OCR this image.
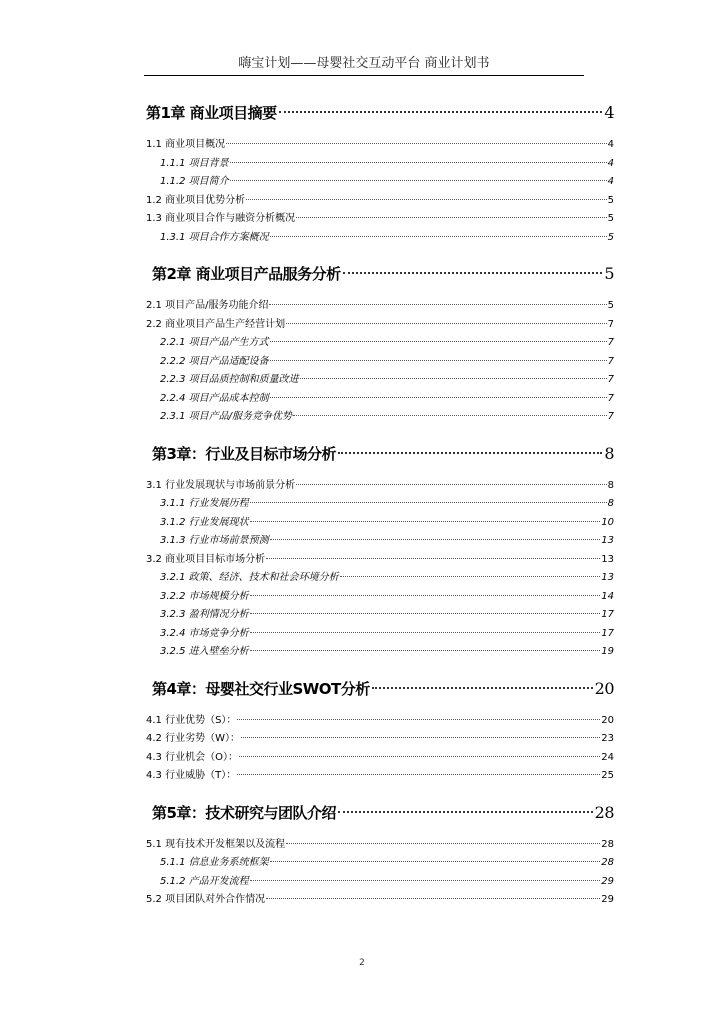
嗨宝计划——母婴社交互动平台 商业计划书
第1章 商业项目摘要	4
1.1 商业项目概况	4
1.1.1 项目背景	4
1.1.2 项目简介	4
1.2 商业项目优势分析	5
1.3 商业项目合作与融资分析概况	5
1.3.1 项目合作方案概况	5
第2章 商业项目产品服务分析	5
2.1 项目产品/服务功能介绍	5
2.2 商业项目产品生产经营计划	7
2.2.1 项目产品产生方式	7
2.2.2 项目产品适配设备	7
2.2.3 项目品质控制和质量改进	7
2.2.4 项目产品成本控制	7
2.3.1 项目产品/服务竞争优势	7
第3章：行业及目标市场分析	8
3.1 行业发展现状与市场前景分析	8
3.1.1 行业发展历程	8
3.1.2 行业发展现状	10
3.1.3 行业市场前景预测	13
3.2 商业项目目标市场分析	13
3.2.1 政策、经济、技术和社会环境分析	13
3.2.2 市场规模分析	14
3.2.3 盈利情况分析	17
3.2.4 市场竞争分析	17
3.2.5 进入壁垒分析	19
第4章：母婴社交行业SWOT分析	20
4.1 行业优势（S）：	20
4.2 行业劣势（W）：	23
4.3 行业机会（O）：	24
4.3 行业威胁（T）：	25
第5章：技术研究与团队介绍	28
5.1 现有技术开发框架以及流程	28
5.1.1 信息业务系统框架	28
5.1.2 产品开发流程	29
5.2 项目团队对外合作情况	29
2
